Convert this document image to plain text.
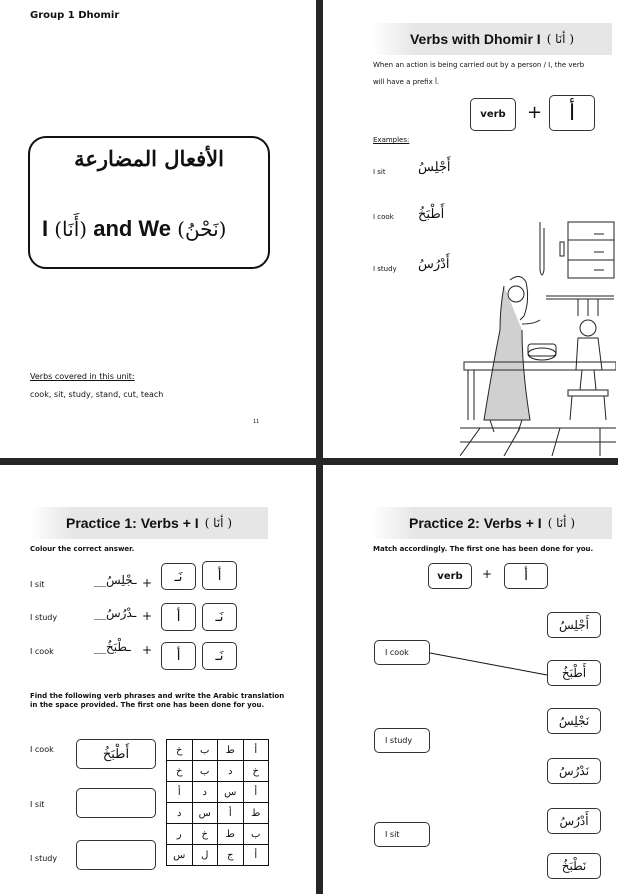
Group 1 Dhomir
الأفعال المضارعة
I (أَنَا) and We (نَحْنُ)
Verbs covered in this unit:
cook, sit, study, stand, cut, teach
11
Verbs with Dhomir I ( أنَا )
When an action is being carried out by a person / I, the verb
will have a prefix أ.
verb	+	أ
Examples:
I sit أَجْلِسُ
I cook أَطْبَخُ
I study أَدْرُسُ
Practice 1: Verbs + I ( أنَا )
Colour the correct answer.
I sit	ـجْلِسُ__ +	نَـ	أ
I study	ـدْرُسُ__ +	أ	نَـ
I cook	ـطْبَخُ__ +	أ	نَـ
Find the following verb phrases and write the Arabic translation
in the space provided. The first one has been done for you.
I cook	أَطْبَخُ
I sit
I study
خ	ب	ط	أ
خ	ب	د	خ
أ	د	س	أ
د	س	أ	ط
ر	خ	ط	ب
س	ل	ج	أ
Practice 2: Verbs + I ( أنَا )
Match accordingly. The first one has been done for you.
verb	+	أ
I cook
I study
I sit
أَجْلِسُ
أَطْبَخُ
نَجْلِسُ
نَدْرُسُ
أَدْرُسُ
نَطْبَخُ
